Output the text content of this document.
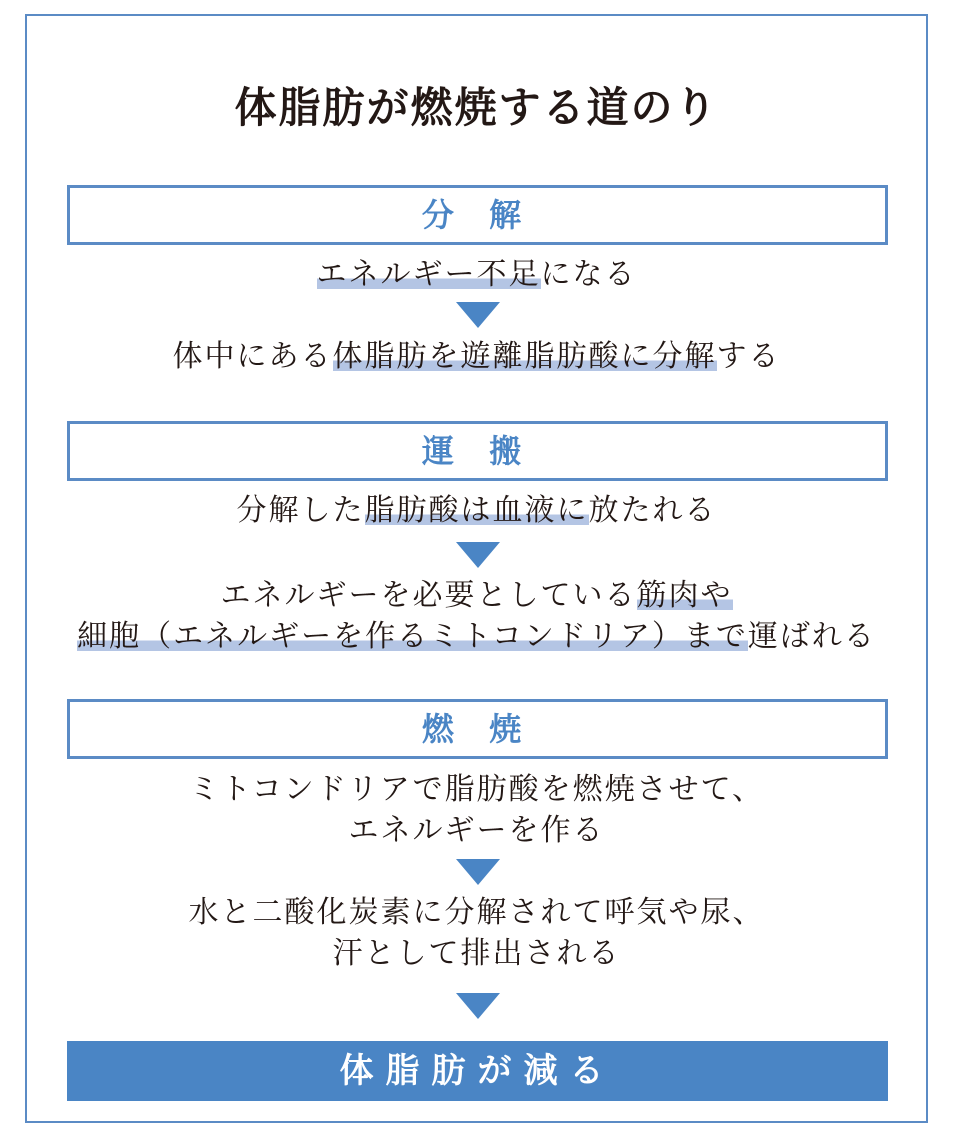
体脂肪が燃焼する道のり
分 解
エネルギー不足になる
体中にある体脂肪を遊離脂肪酸に分解する
運 搬
分解した脂肪酸は血液に放たれる
エネルギーを必要としている筋肉や
細胞（エネルギーを作るミトコンドリア）まで運ばれる
燃 焼
ミトコンドリアで脂肪酸を燃焼させて、
エネルギーを作る
水と二酸化炭素に分解されて呼気や尿、
汗として排出される
体脂肪が減る
